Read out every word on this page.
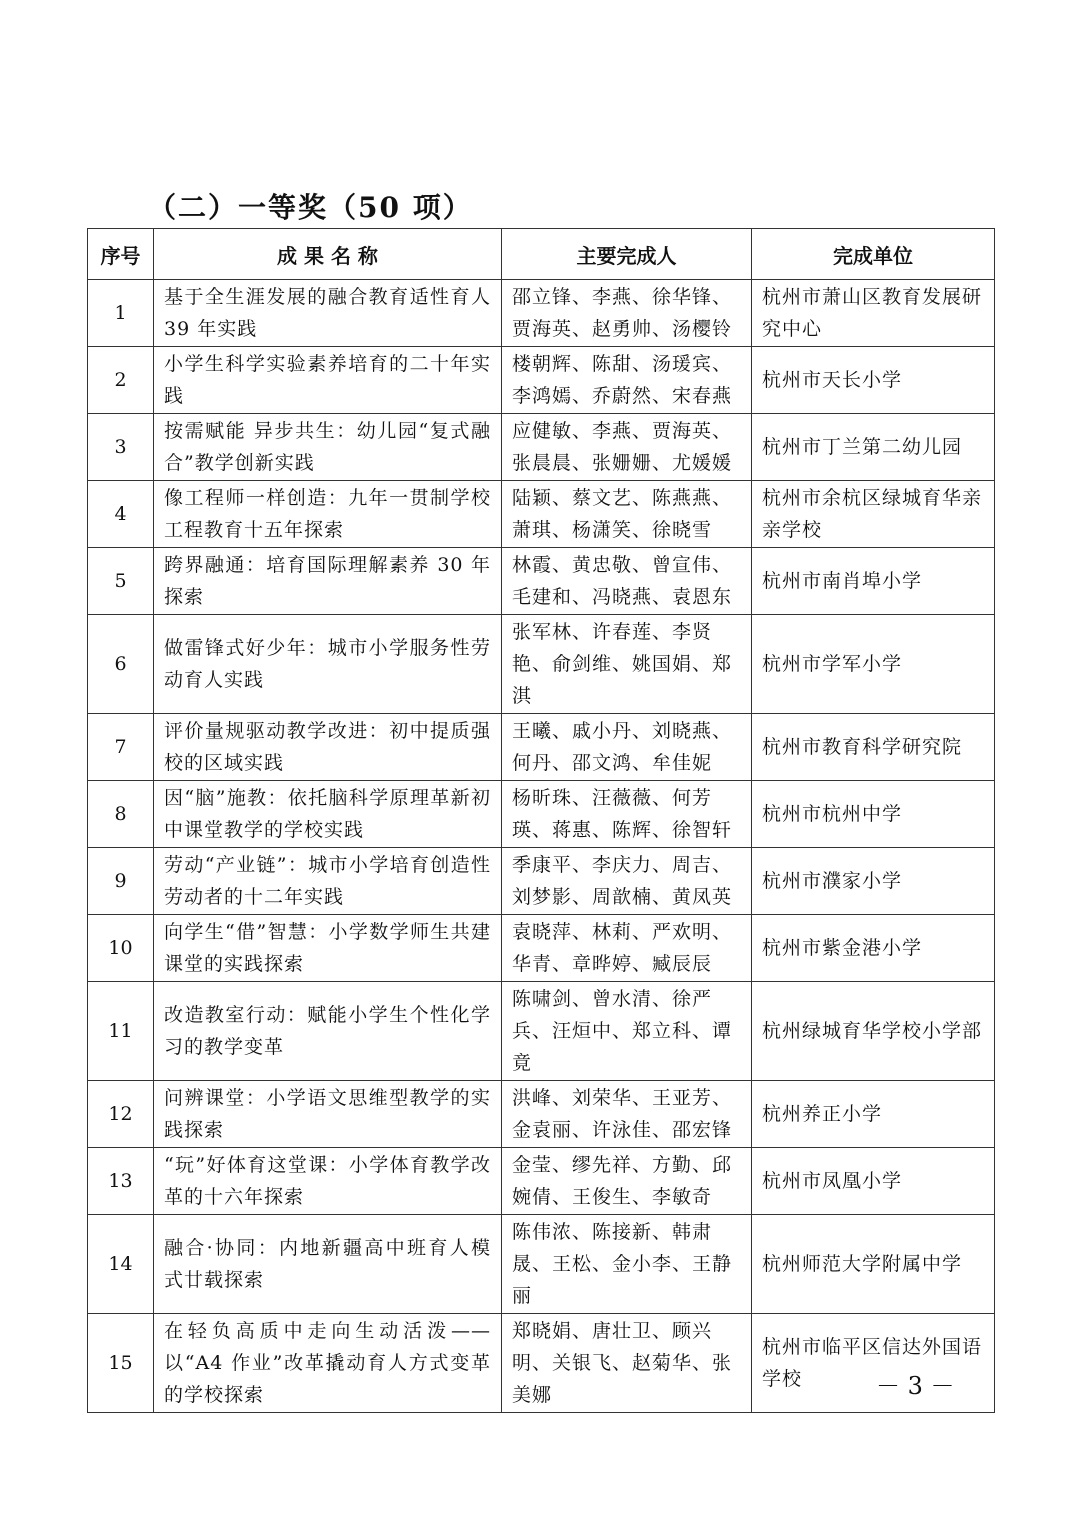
（二）一等奖（50 项）
序号	成 果 名 称	主要完成人	完成单位
1	基于全生涯发展的融合教育适性育人 39 年实践	邵立锋、李燕、徐华锋、贾海英、赵勇帅、汤樱铃	杭州市萧山区教育发展研究中心
2	小学生科学实验素养培育的二十年实践	楼朝辉、陈甜、汤瑗宾、李鸿嫣、乔蔚然、宋春燕	杭州市天长小学
3	按需赋能 异步共生：幼儿园“复式融合”教学创新实践	应健敏、李燕、贾海英、张晨晨、张姗姗、尤媛媛	杭州市丁兰第二幼儿园
4	像工程师一样创造：九年一贯制学校工程教育十五年探索	陆颖、蔡文艺、陈燕燕、萧琪、杨潇笑、徐晓雪	杭州市余杭区绿城育华亲亲学校
5	跨界融通：培育国际理解素养 30 年探索	林霞、黄忠敬、曾宣伟、毛建和、冯晓燕、袁恩东	杭州市南肖埠小学
6	做雷锋式好少年：城市小学服务性劳动育人实践	张军林、许春莲、李贤艳、俞剑维、姚国娟、郑淇	杭州市学军小学
7	评价量规驱动教学改进：初中提质强校的区域实践	王曦、戚小丹、刘晓燕、何丹、邵文鸿、牟佳妮	杭州市教育科学研究院
8	因“脑”施教：依托脑科学原理革新初中课堂教学的学校实践	杨昕珠、汪薇薇、何芳瑛、蒋惠、陈辉、徐智轩	杭州市杭州中学
9	劳动“产业链”：城市小学培育创造性劳动者的十二年实践	季康平、李庆力、周吉、刘梦影、周歆楠、黄凤英	杭州市濮家小学
10	向学生“借”智慧：小学数学师生共建课堂的实践探索	袁晓萍、林莉、严欢明、华青、章晔婷、臧辰辰	杭州市紫金港小学
11	改造教室行动：赋能小学生个性化学习的教学变革	陈啸剑、曾水清、徐严兵、汪烜中、郑立科、谭竟	杭州绿城育华学校小学部
12	问辨课堂：小学语文思维型教学的实践探索	洪峰、刘荣华、王亚芳、金袁丽、许泳佳、邵宏锋	杭州养正小学
13	“玩”好体育这堂课：小学体育教学改革的十六年探索	金莹、缪先祥、方勤、邱婉倩、王俊生、李敏奇	杭州市凤凰小学
14	融合·协同：内地新疆高中班育人模式廿载探索	陈伟浓、陈接新、韩肃晟、王松、金小李、王静丽	杭州师范大学附属中学
15	在轻负高质中走向生动活泼——以“A4 作业”改革撬动育人方式变革的学校探索	郑晓娟、唐壮卫、顾兴明、关银飞、赵菊华、张美娜	杭州市临平区信达外国语学校	－ 3 －
